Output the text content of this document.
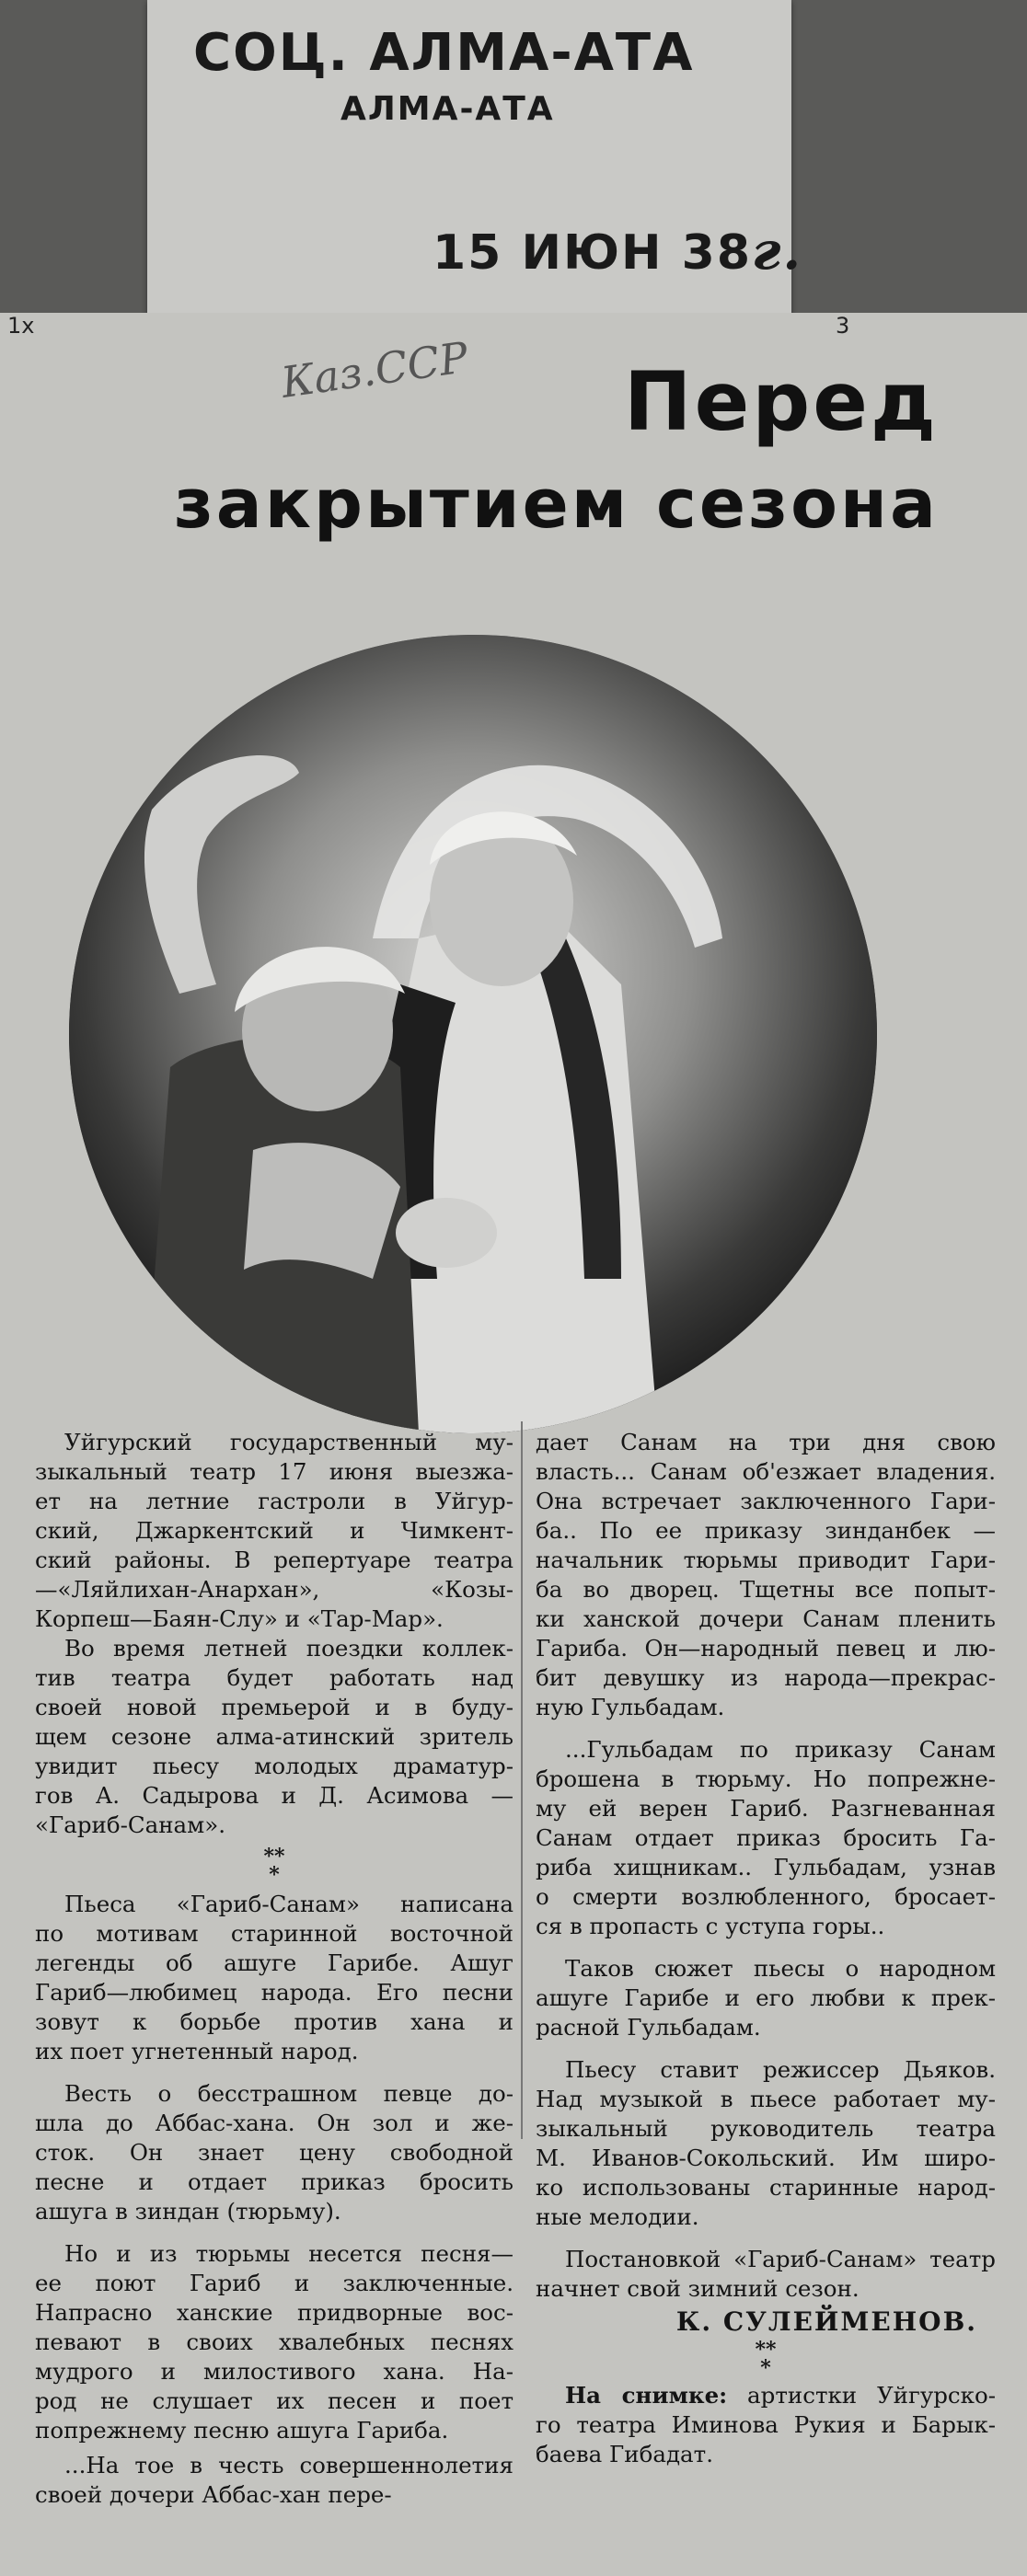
СОЦ. АЛМА-АТА
АЛМА-АТА
15 ИЮН 38г.
1х	3
Каз.ССР Перед
закрытием сезона
Уйгурский государственный му-
зыкальный театр 17 июня выезжа-
ет на летние гастроли в Уйгур-
ский, Джаркентский и Чимкент-
ский районы. В репертуаре театра
—«Ляйлихан-Анархан», «Козы-
Корпеш—Баян-Слу» и «Тар-Мар».
Во время летней поездки коллек-
тив театра будет работать над
своей новой премьерой и в буду-
щем сезоне алма-атинский зритель
увидит пьесу молодых драматур-
гов А. Садырова и Д. Асимова —
«Гариб-Санам».
**
*
Пьеса «Гариб-Санам» написана
по мотивам старинной восточной
легенды об ашуге Гарибе. Ашуг
Гариб—любимец народа. Его песни
зовут к борьбе против хана и
их поет угнетенный народ.
Весть о бесстрашном певце до-
шла до Аббас-хана. Он зол и же-
сток. Он знает цену свободной
песне и отдает приказ бросить
ашуга в зиндан (тюрьму).
Но и из тюрьмы несется песня—
ее поют Гариб и заключенные.
Напрасно ханские придворные вос-
певают в своих хвалебных песнях
мудрого и милостивого хана. На-
род не слушает их песен и поет
попрежнему песню ашуга Гариба.

...На тое в честь совершеннолетия своей дочери Аббас-хан пере-

дает Санам на три дня свою
власть... Санам об'езжает владения.
Она встречает заключенного Гари-
ба.. По ее приказу зинданбек —
начальник тюрьмы приводит Гари-
ба во дворец. Тщетны все попыт-
ки ханской дочери Санам пленить
Гариба. Он—народный певец и лю-
бит девушку из народа—прекрас-
ную Гульбадам.
...Гульбадам по приказу Санам
брошена в тюрьму. Но попрежне-
му ей верен Гариб. Разгневанная
Санам отдает приказ бросить Га-
риба хищникам.. Гульбадам, узнав
о смерти возлюбленного, бросает-
ся в пропасть с уступа горы..
Таков сюжет пьесы о народном
ашуге Гарибе и его любви к прек-
расной Гульбадам.
Пьесу ставит режиссер Дьяков.
Над музыкой в пьесе работает му-
зыкальный руководитель театра
М. Иванов-Сокольский. Им широ-
ко использованы старинные народ-
ные мелодии.
Постановкой «Гариб-Санам» театр
начнет свой зимний сезон.
К. СУЛЕЙМЕНОВ.
**
*
На снимке: артистки Уйгурско-
го театра Иминова Рукия и Барык-
баева Гибадат.
